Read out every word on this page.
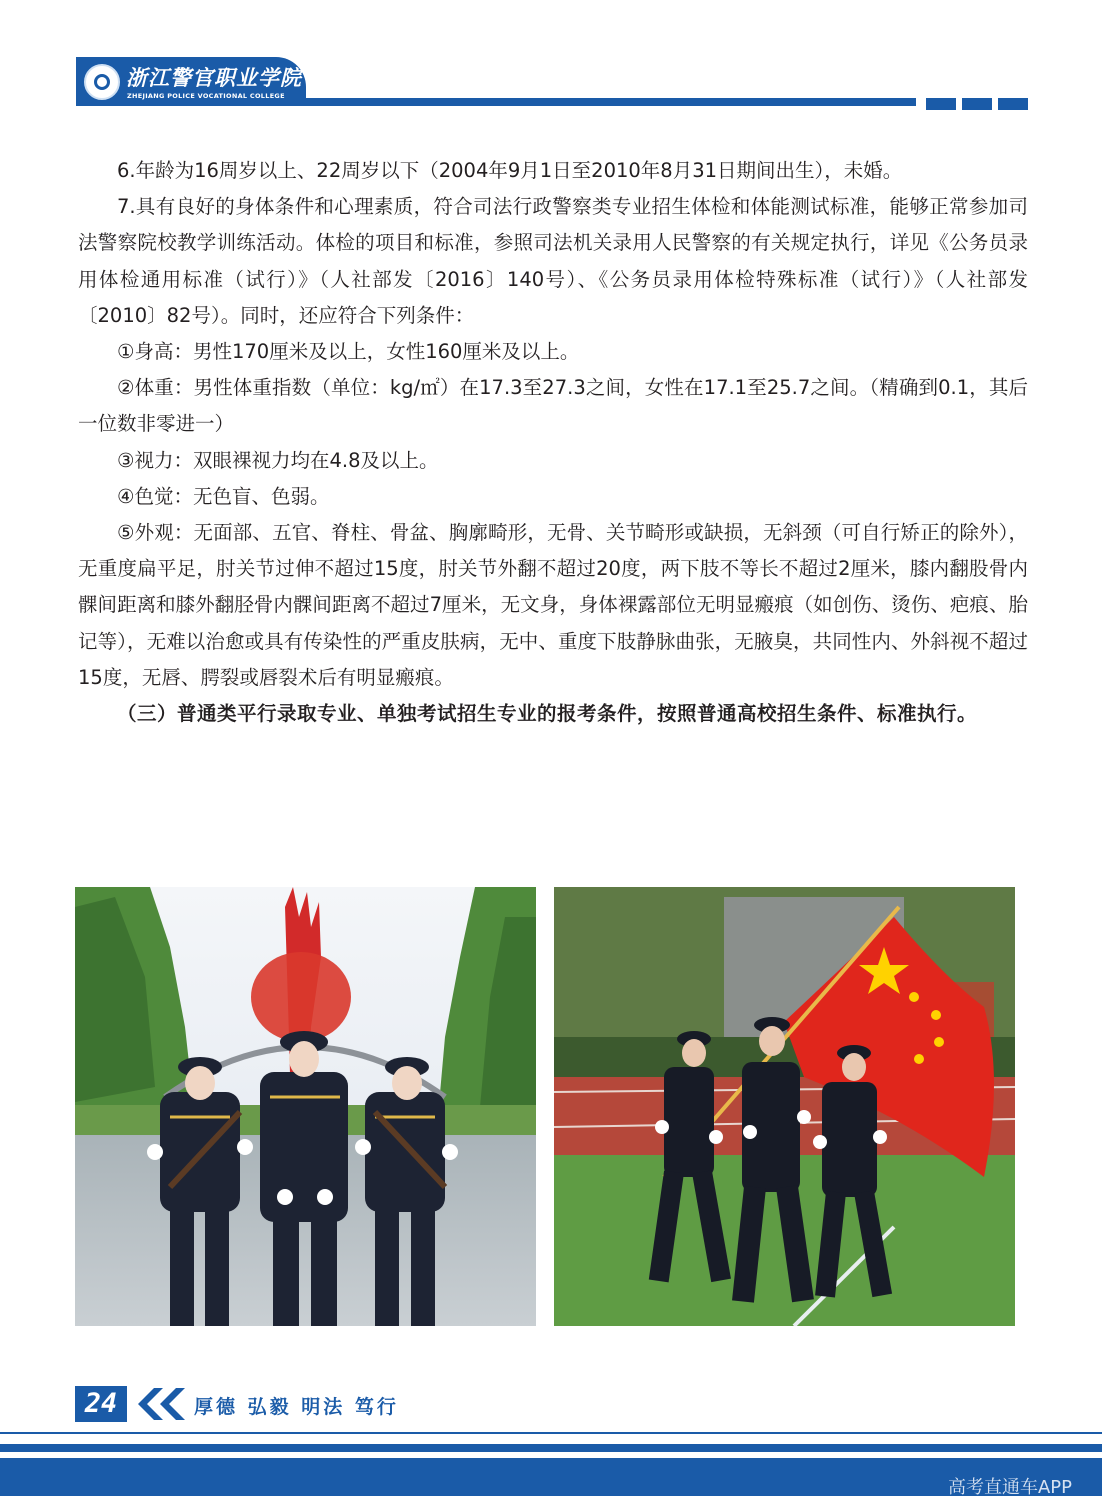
浙江警官职业学院
ZHEJIANG POLICE VOCATIONAL COLLEGE

6.年龄为16周岁以上、22周岁以下（2004年9月1日至2010年8月31日期间出生），未婚。

7.具有良好的身体条件和心理素质，符合司法行政警察类专业招生体检和体能测试标准，能够正常参加司法警察院校教学训练活动。体检的项目和标准，参照司法机关录用人民警察的有关规定执行，详见《公务员录用体检通用标准（试行）》（人社部发〔2016〕140号）、《公务员录用体检特殊标准（试行）》（人社部发〔2010〕82号）。同时，还应符合下列条件：

①身高：男性170厘米及以上，女性160厘米及以上。

②体重：男性体重指数（单位：kg/㎡）在17.3至27.3之间，女性在17.1至25.7之间。（精确到0.1，其后一位数非零进一）

③视力：双眼裸视力均在4.8及以上。

④色觉：无色盲、色弱。

⑤外观：无面部、五官、脊柱、骨盆、胸廓畸形，无骨、关节畸形或缺损，无斜颈（可自行矫正的除外），无重度扁平足，肘关节过伸不超过15度，肘关节外翻不超过20度，两下肢不等长不超过2厘米，膝内翻股骨内髁间距离和膝外翻胫骨内髁间距离不超过7厘米，无文身，身体裸露部位无明显瘢痕（如创伤、烫伤、疤痕、胎记等），无难以治愈或具有传染性的严重皮肤病，无中、重度下肢静脉曲张，无腋臭，共同性内、外斜视不超过15度，无唇、腭裂或唇裂术后有明显瘢痕。

（三）普通类平行录取专业、单独考试招生专业的报考条件，按照普通高校招生条件、标准执行。

24	厚德 弘毅 明法 笃行
高考直通车APP
